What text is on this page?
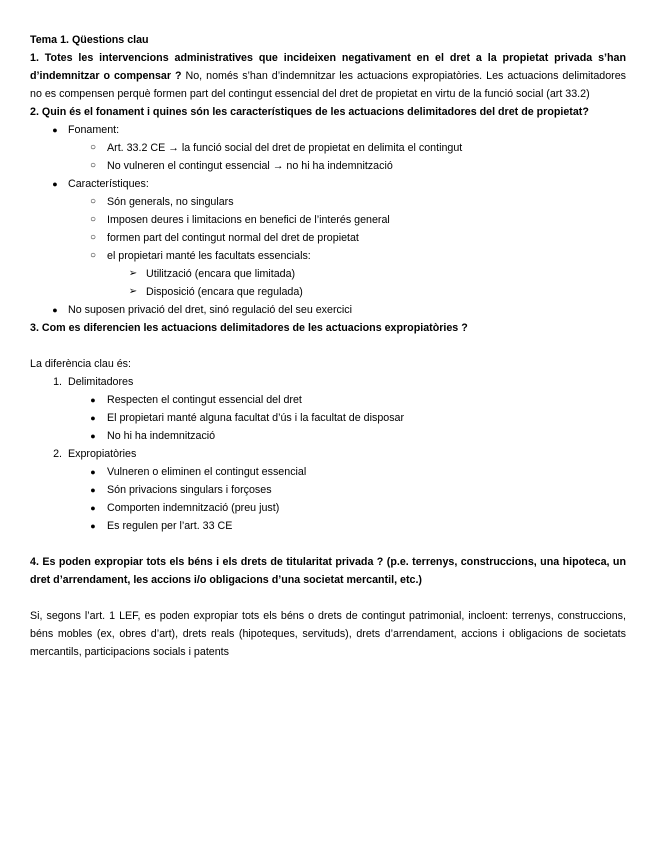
Tema 1. Qüestions clau
1. Totes les intervencions administratives que incideixen negativament en el dret a la propietat privada s’han d’indemnitzar o compensar ? No, només s’han d’indemnitzar les actuacions expropiatòries. Les actuacions delimitadores no es compensen perquè formen part del contingut essencial del dret de propietat en virtu de la funció social (art 33.2)
2. Quin és el fonament i quines són les característiques de les actuacions delimitadores del dret de propietat?
● Fonament:
○	Art. 33.2 CE → la funció social del dret de propietat en delimita el contingut
○	No vulneren el contingut essencial → no hi ha indemnització
● Característiques:
○	Són generals, no singulars
○	Imposen deures i limitacions en benefici de l’interés general
○	formen part del contingut normal del dret de propietat
○	el propietari manté les facultats essencials:
➢ Utilització (encara que limitada)
➢ Disposició (encara que regulada)
● No suposen privació del dret, sinó regulació del seu exercici
3. Com es diferencien les actuacions delimitadores de les actuacions expropiatòries ?
La diferència clau és:
1. Delimitadores
●	Respecten el contingut essencial del dret
●	El propietari manté alguna facultat d’ús i la facultat de disposar
●	No hi ha indemnització
2. Expropiatòries
●	Vulneren o eliminen el contingut essencial
●	Són privacions singulars i forçoses
●	Comporten indemnització (preu just)
●	Es regulen per l’art. 33 CE
4. Es poden expropiar tots els béns i els drets de titularitat privada ? (p.e. terrenys, construccions, una hipoteca, un dret d’arrendament, les accions i/o obligacions d’una societat mercantil, etc.)
Si, segons l’art. 1 LEF, es poden expropiar tots els béns o drets de contingut patrimonial, incloent: terrenys, construccions, béns mobles (ex, obres d’art), drets reals (hipoteques, servituds), drets d’arrendament, accions i obligacions de societats mercantils, participacions socials i patents
